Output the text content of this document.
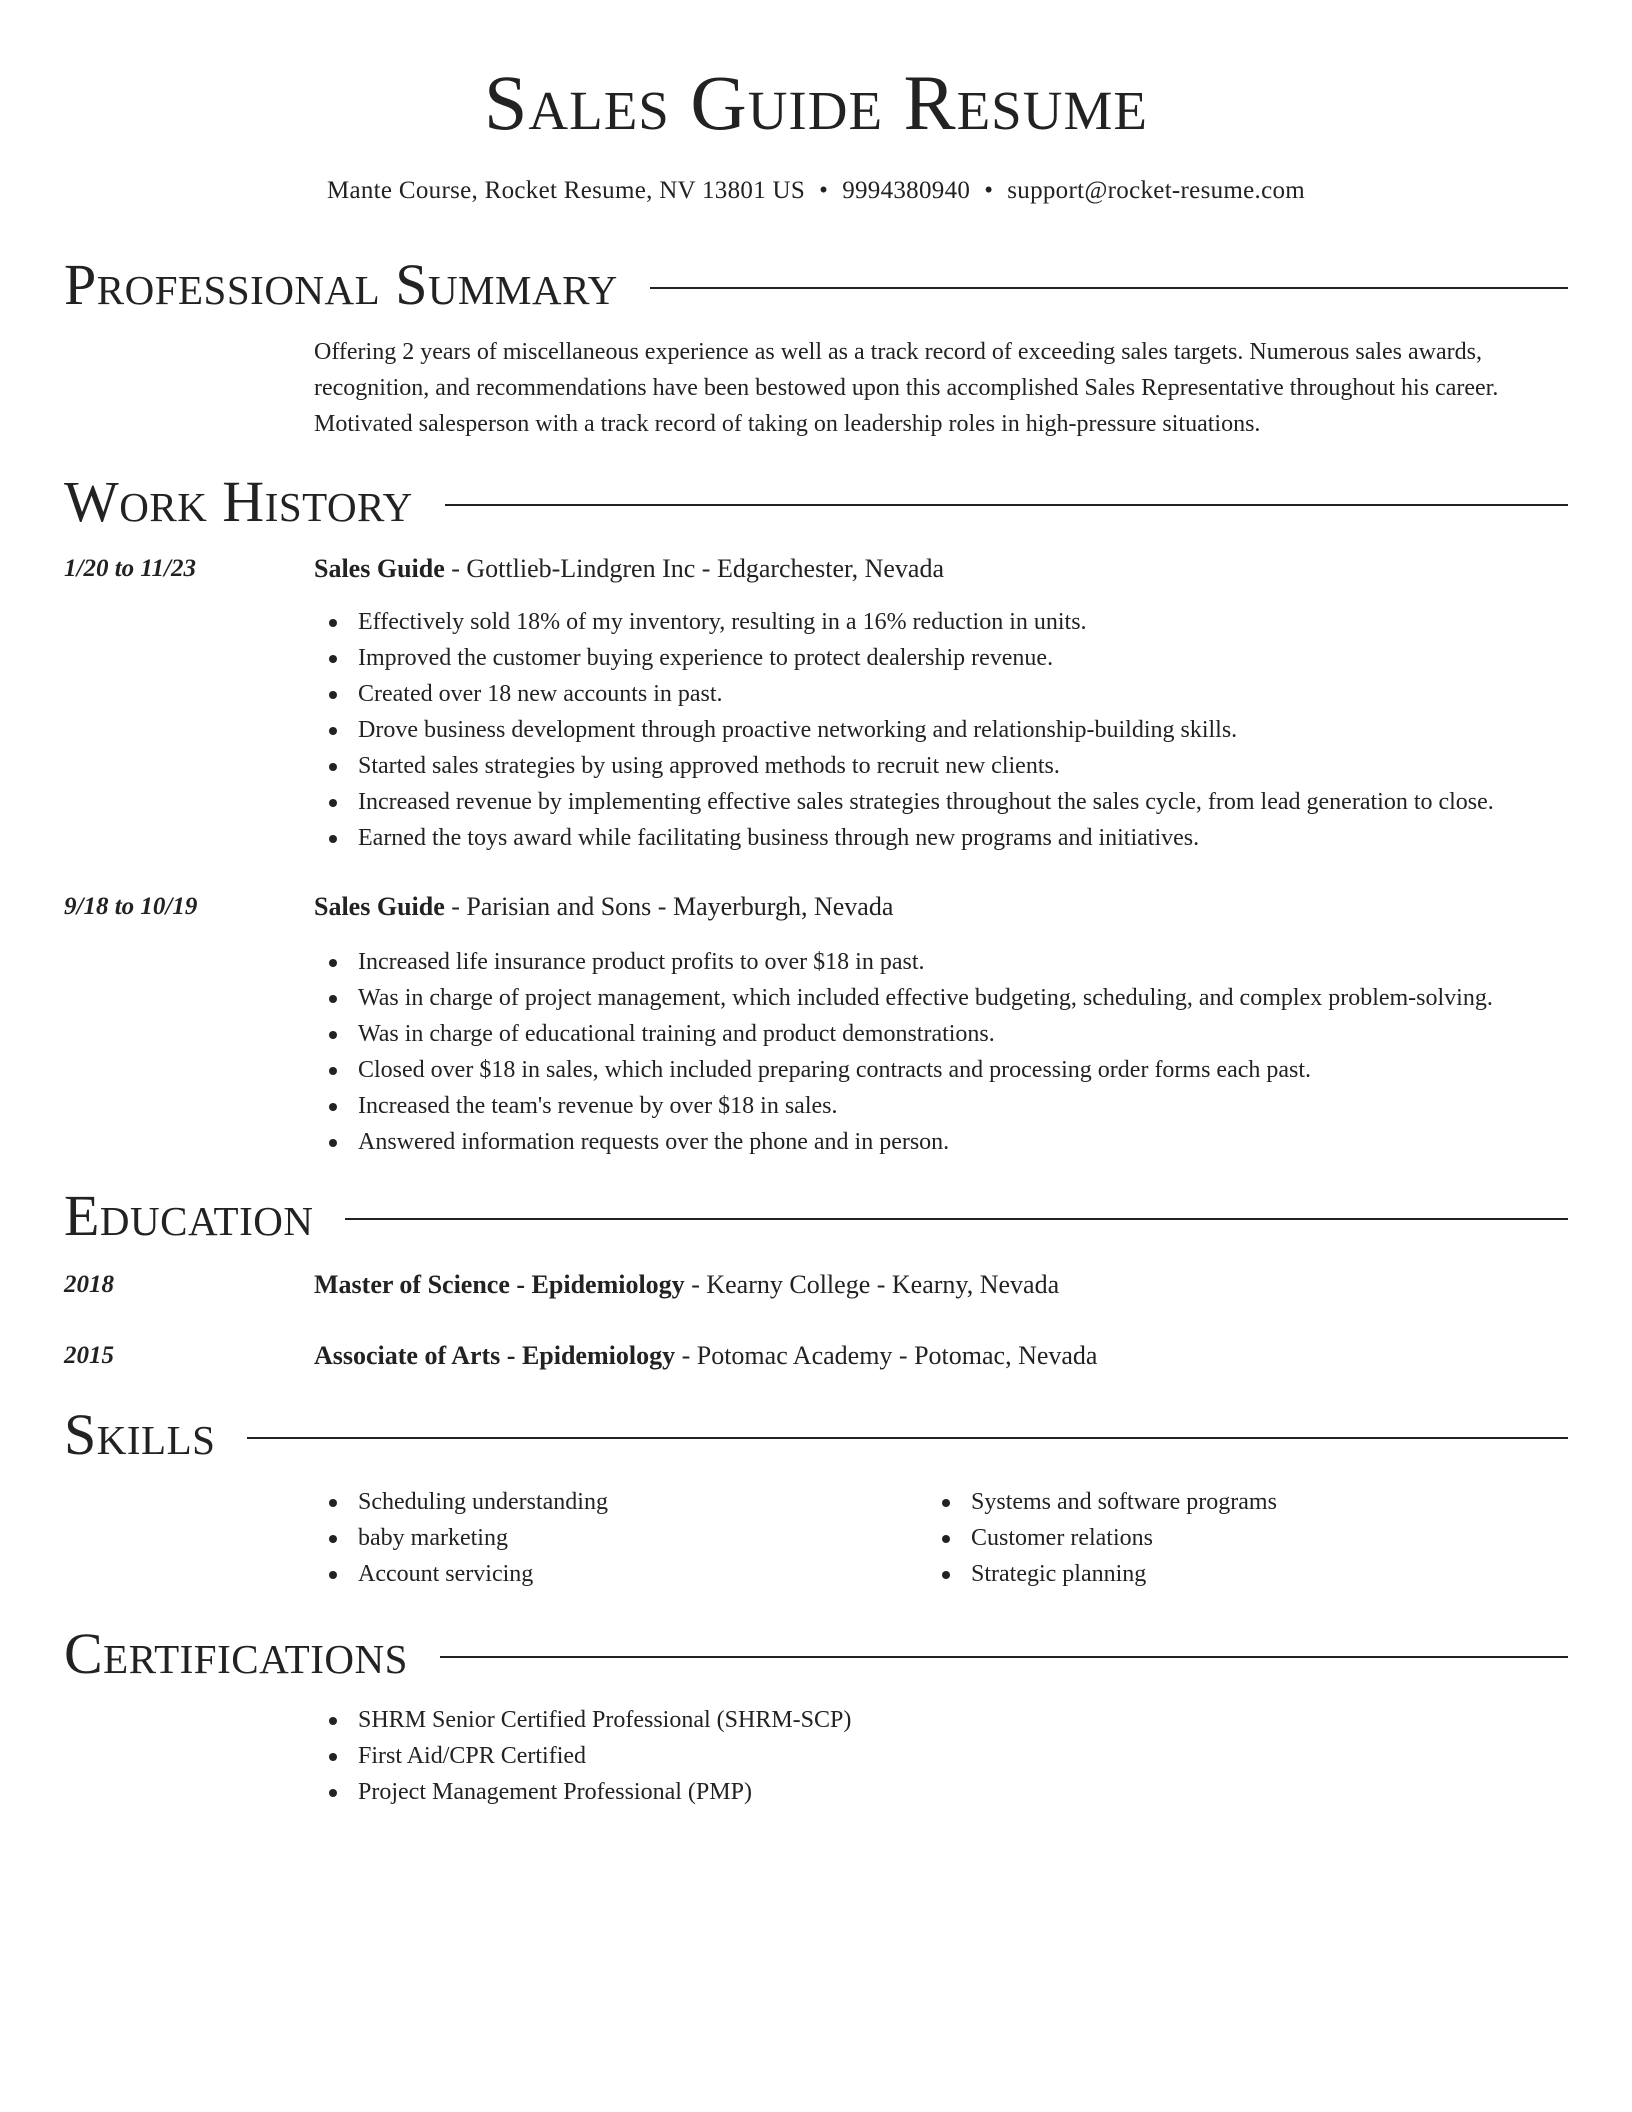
Sales Guide Resume
Mante Course, Rocket Resume, NV 13801 US • 9994380940 • support@rocket-resume.com
Professional Summary

Offering 2 years of miscellaneous experience as well as a track record of exceeding sales targets. Numerous sales awards, recognition, and recommendations have been bestowed upon this accomplished Sales Representative throughout his career. Motivated salesperson with a track record of taking on leadership roles in high-pressure situations.

Work History
1/20 to 11/23	Sales Guide - Gottlieb-Lindgren Inc - Edgarchester, Nevada
Effectively sold 18% of my inventory, resulting in a 16% reduction in units.
Improved the customer buying experience to protect dealership revenue.
Created over 18 new accounts in past.
Drove business development through proactive networking and relationship-building skills.
Started sales strategies by using approved methods to recruit new clients.
Increased revenue by implementing effective sales strategies throughout the sales cycle, from lead generation to close.
Earned the toys award while facilitating business through new programs and initiatives.
9/18 to 10/19	Sales Guide - Parisian and Sons - Mayerburgh, Nevada
Increased life insurance product profits to over $18 in past.
Was in charge of project management, which included effective budgeting, scheduling, and complex problem-solving.
Was in charge of educational training and product demonstrations.
Closed over $18 in sales, which included preparing contracts and processing order forms each past.
Increased the team's revenue by over $18 in sales.
Answered information requests over the phone and in person.
Education
2018	Master of Science - Epidemiology - Kearny College - Kearny, Nevada
2015	Associate of Arts - Epidemiology - Potomac Academy - Potomac, Nevada
Skills
Scheduling understanding
baby marketing
Account servicing
Systems and software programs
Customer relations
Strategic planning
Certifications
SHRM Senior Certified Professional (SHRM-SCP)
First Aid/CPR Certified
Project Management Professional (PMP)
